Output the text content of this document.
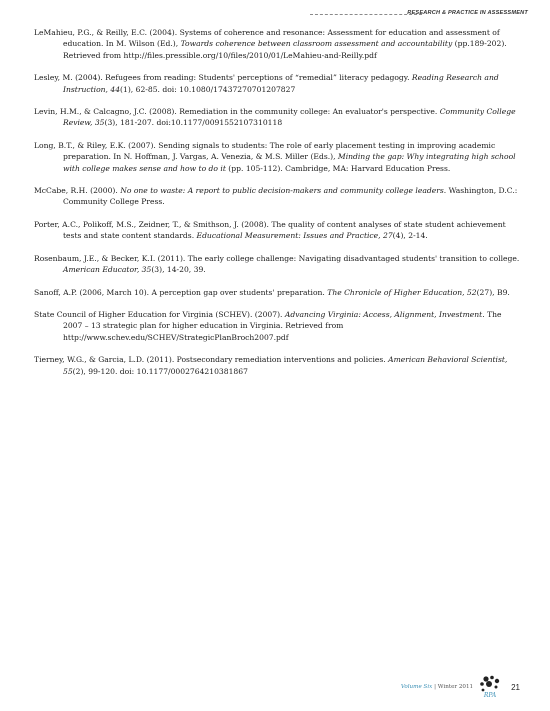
RESEARCH & PRACTICE IN ASSESSMENT

LeMahieu, P.G., & Reilly, E.C. (2004). Systems of coherence and resonance: Assessment for education and assessment of education. In M. Wilson (Ed.), Towards coherence between classroom assessment and accountability (pp.189-202). Retrieved from http://files.pressible.org/10/files/2010/01/LeMahieu-and-Reilly.pdf

Lesley, M. (2004). Refugees from reading: Students' perceptions of “remedial” literacy pedagogy. Reading Research and Instruction, 44(1), 62-85. doi: 10.1080/17437270701207827

Levin, H.M., & Calcagno, J.C. (2008). Remediation in the community college: An evaluator's perspective. Community College Review, 35(3), 181-207. doi:10.1177/0091552107310118

Long, B.T., & Riley, E.K. (2007). Sending signals to students: The role of early placement testing in improving academic preparation. In N. Hoffman, J. Vargas, A. Venezia, & M.S. Miller (Eds.), Minding the gap: Why integrating high school with college makes sense and how to do it (pp. 105-112). Cambridge, MA: Harvard Education Press.

McCabe, R.H. (2000). No one to waste: A report to public decision-makers and community college leaders. Washington, D.C.: Community College Press.

Porter, A.C., Polikoff, M.S., Zeidner, T., & Smithson, J. (2008). The quality of content analyses of state student achievement tests and state content standards. Educational Measurement: Issues and Practice, 27(4), 2-14.

Rosenbaum, J.E., & Becker, K.I. (2011). The early college challenge: Navigating disadvantaged students' transition to college. American Educator, 35(3), 14-20, 39.

Sanoff, A.P. (2006, March 10). A perception gap over students' preparation. The Chronicle of Higher Education, 52(27), B9.

State Council of Higher Education for Virginia (SCHEV). (2007). Advancing Virginia: Access, Alignment, Investment. The 2007 – 13 strategic plan for higher education in Virginia. Retrieved from http://www.schev.edu/SCHEV/StrategicPlanBroch2007.pdf

Tierney, W.G., & Garcia, L.D. (2011). Postsecondary remediation interventions and policies. American Behavioral Scientist, 55(2), 99-120. doi: 10.1177/0002764210381867

Volume Six | Winter 2011
RPA
21
